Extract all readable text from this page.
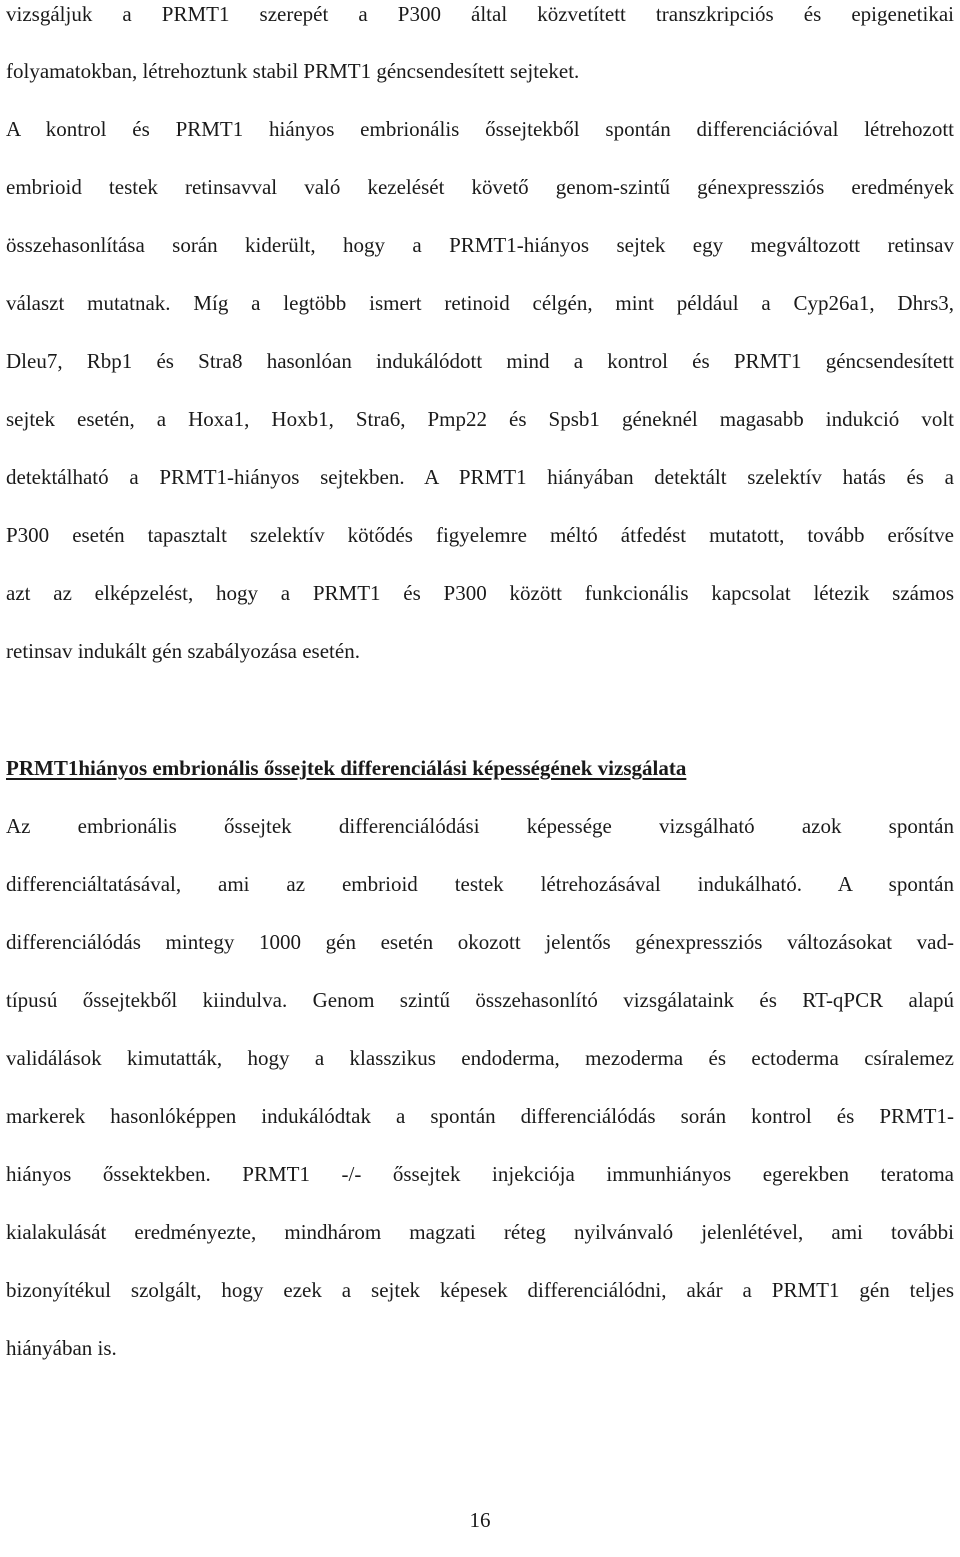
vizsgáljuk a PRMT1 szerepét a P300 által közvetített transzkripciós és epigenetikai
folyamatokban, létrehoztunk stabil PRMT1 géncsendesített sejteket.
A kontrol és PRMT1 hiányos embrionális őssejtekből spontán differenciációval létrehozott
embrioid testek retinsavval való kezelését követő genom-szintű génexpressziós eredmények
összehasonlítása során kiderült, hogy a PRMT1-hiányos sejtek egy megváltozott retinsav
választ mutatnak. Míg a legtöbb ismert retinoid célgén, mint például a Cyp26a1, Dhrs3,
Dleu7, Rbp1 és Stra8 hasonlóan indukálódott mind a kontrol és PRMT1 géncsendesített
sejtek esetén, a Hoxa1, Hoxb1, Stra6, Pmp22 és Spsb1 géneknél magasabb indukció volt
detektálható a PRMT1-hiányos sejtekben. A PRMT1 hiányában detektált szelektív hatás és a
P300 esetén tapasztalt szelektív kötődés figyelemre méltó átfedést mutatott, tovább erősítve
azt az elképzelést, hogy a PRMT1 és P300 között funkcionális kapcsolat létezik számos
retinsav indukált gén szabályozása esetén.
PRMT1hiányos embrionális őssejtek differenciálási képességének vizsgálata
Az embrionális őssejtek differenciálódási képessége vizsgálható azok spontán
differenciáltatásával, ami az embrioid testek létrehozásával indukálható. A spontán
differenciálódás mintegy 1000 gén esetén okozott jelentős génexpressziós változásokat vad-
típusú őssejtekből kiindulva. Genom szintű összehasonlító vizsgálataink és RT-qPCR alapú
validálások kimutatták, hogy a klasszikus endoderma, mezoderma és ectoderma csíralemez
markerek hasonlóképpen indukálódtak a spontán differenciálódás során kontrol és PRMT1-
hiányos őssektekben. PRMT1 -/- őssejtek injekciója immunhiányos egerekben teratoma
kialakulását eredményezte, mindhárom magzati réteg nyilvánvaló jelenlétével, ami további
bizonyítékul szolgált, hogy ezek a sejtek képesek differenciálódni, akár a PRMT1 gén teljes
hiányában is.
16
